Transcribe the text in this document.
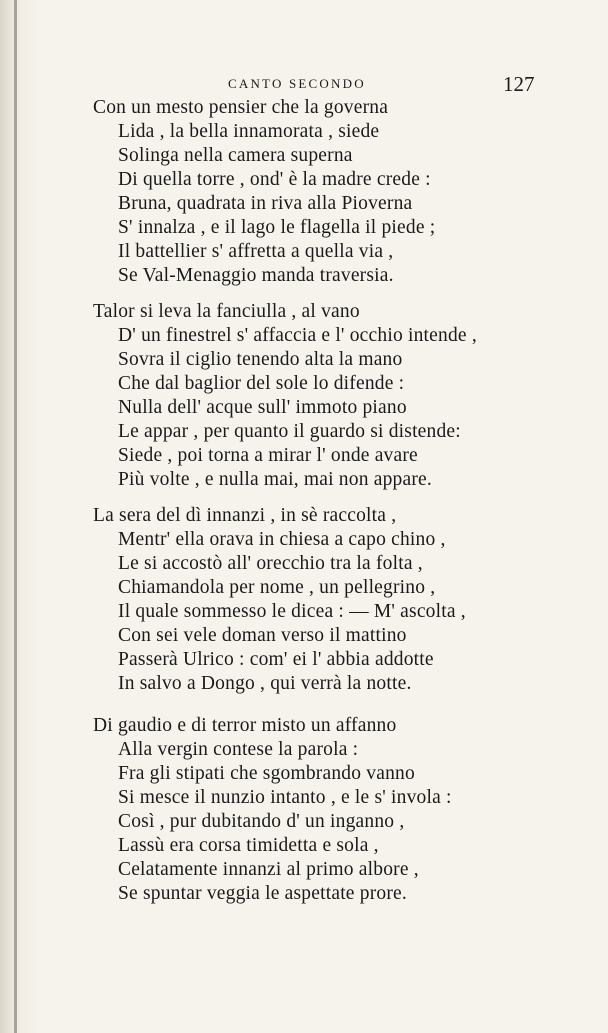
CANTO SECONDO	127
Con un mesto pensier che la governa
Lida , la bella innamorata , siede
Solinga nella camera superna
Di quella torre , ond' è la madre crede :
Bruna, quadrata in riva alla Pioverna
S' innalza , e il lago le flagella il piede ;
Il battellier s' affretta a quella via ,
Se Val-Menaggio manda traversia.
Talor si leva la fanciulla , al vano
D' un finestrel s' affaccia e l' occhio intende ,
Sovra il ciglio tenendo alta la mano
Che dal baglior del sole lo difende :
Nulla dell' acque sull' immoto piano
Le appar , per quanto il guardo si distende:
Siede , poi torna a mirar l' onde avare
Più volte , e nulla mai, mai non appare.
La sera del dì innanzi , in sè raccolta ,
Mentr' ella orava in chiesa a capo chino ,
Le si accostò all' orecchio tra la folta ,
Chiamandola per nome , un pellegrino ,
Il quale sommesso le dicea : — M' ascolta ,
Con sei vele doman verso il mattino
Passerà Ulrico : com' ei l' abbia addotte
In salvo a Dongo , qui verrà la notte.
Di gaudio e di terror misto un affanno
Alla vergin contese la parola :
Fra gli stipati che sgombrando vanno
Si mesce il nunzio intanto , e le s' invola :
Così , pur dubitando d' un inganno ,
Lassù era corsa timidetta e sola ,
Celatamente innanzi al primo albore ,
Se spuntar veggia le aspettate prore.
